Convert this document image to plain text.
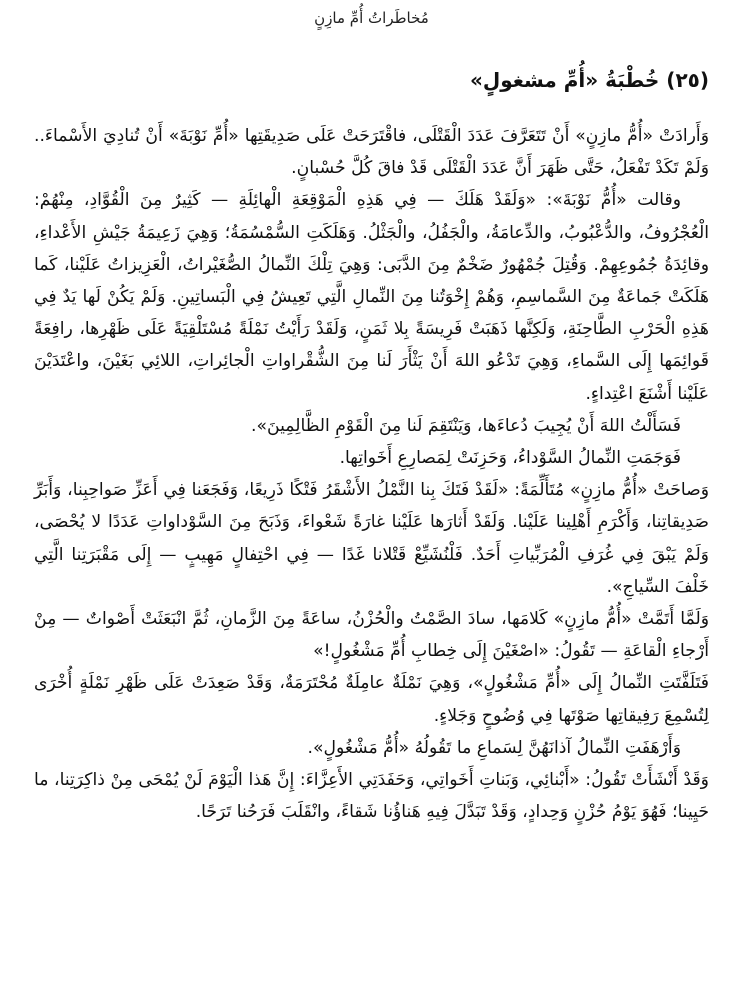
مُخاطَراتُ أُمِّ مازِنٍ
(٢٥) خُطْبَةُ «أُمِّ مشغولٍ»

وَأَرادَتْ «أُمُّ مازِنٍ» أَنْ تَتَعَرَّفَ عَدَدَ الْقَتْلَى، فاقْتَرَحَتْ عَلَى صَدِيقَتِها «أُمِّ نَوْبَةَ» أَنْ تُنادِيَ الأَسْماءَ.. وَلَمْ تَكَدْ تَفْعَلُ، حَتَّى ظَهَرَ أَنَّ عَدَدَ الْقَتْلَى قَدْ فاقَ كُلَّ حُسْبانٍ.

وقالت «أُمُّ نَوْبَةَ»: «وَلَقَدْ هَلَكَ — فِي هَذِهِ الْمَوْقِعَةِ الْهائِلَةِ — كَثِيرٌ مِنَ الْقُوَّادِ، مِنْهُمْ: الْعُجْرُوفُ، والدُّعْبُوبُ، والدِّعامَةُ، والْجَفُلُ، والْجَثْلُ. وَهَلَكَتِ السُّمْسُمَةُ؛ وَهِيَ زَعِيمَةُ جَيْشِ الأَعْداءِ، وقائِدَةُ جُمُوعِهِمْ. وَقُتِلَ جُمْهُورٌ ضَخْمٌ مِنَ الدَّبَى: وَهِيَ تِلْكَ النِّمالُ الصُّغَيْراتُ، الْعَزِيزاتُ عَلَيْنا، كَما هَلَكَتْ جَماعَةٌ مِنَ السَّماسِمِ، وَهُمْ إِخْوَتُنا مِنَ النِّمالِ الَّتِي تَعِيشُ فِي الْبَساتِينِ. وَلَمْ يَكُنْ لَها يَدٌ فِي هَذِهِ الْحَرْبِ الطَّاحِنَةِ، وَلَكِنَّها ذَهَبَتْ فَرِيسَةً بِلا ثَمَنٍ، وَلَقَدْ رَأَيْتُ نَمْلَةً مُسْتَلْقِيَةً عَلَى ظَهْرِها، رافِعَةً قَوائِمَها إِلَى السَّماءِ، وَهِيَ تَدْعُو اللهَ أَنْ يَثْأَرَ لَنا مِنَ الشُّقْراواتِ الْجائِراتِ، اللائِي بَغَيْنَ، واعْتَدَيْنَ عَلَيْنا أَشْنَعَ اعْتِداءٍ.

فَسَأَلْتُ اللهَ أَنْ يُجِيبَ دُعاءَها، وَيَنْتَقِمَ لَنا مِنَ الْقَوْمِ الظَّالِمِينَ».

فَوَجَمَتِ النِّمالُ السَّوْداءُ، وَحَزِنَتْ لِمَصارِعِ أَخَواتِها.

وَصاحَتْ «أُمُّ مازِنٍ» مُتَأَلِّمَةً: «لَقَدْ فَتَكَ بِنا النَّمْلُ الأَشْقَرُ فَتْكًا ذَرِيعًا، وَفَجَعَنا فِي أَعَزِّ صَواحِبِنا، وَأَبَرِّ صَدِيقاتِنا، وَأَكْرَمِ أَهْلِينا عَلَيْنا. وَلَقَدْ أَثارَها عَلَيْنا غارَةً شَعْواءَ، وَذَبَحَ مِنَ السَّوْداواتِ عَدَدًا لا يُحْصَى، وَلَمْ يَبْقَ فِي غُرَفِ الْمُرَبِّياتِ أَحَدٌ. فَلْنُشَيِّعْ قَتْلانا غَدًا — فِي احْتِفالٍ مَهِيبٍ — إِلَى مَقْبَرَتِنا الَّتِي خَلْفَ السِّياجِ».

وَلَمَّا أَتَمَّتْ «أُمُّ مازِنٍ» كَلامَها، سادَ الصَّمْتُ والْحُزْنُ، ساعَةً مِنَ الزَّمانِ، ثُمَّ انْبَعَثَتْ أَصْواتٌ — مِنْ أَرْجاءِ الْقاعَةِ — تَقُولُ: «اصْغَيْنَ إِلَى خِطابِ أُمِّ مَشْغُولٍ!»

فَتَلَفَّتَتِ النِّمالُ إِلَى «أُمِّ مَشْغُولٍ»، وَهِيَ نَمْلَةٌ عامِلَةٌ مُحْتَرَمَةٌ، وَقَدْ صَعِدَتْ عَلَى ظَهْرِ نَمْلَةٍ أُخْرَى لِتُسْمِعَ رَفِيقاتِها صَوْتَها فِي وُضُوحٍ وَجَلاءٍ.

وَأَرْهَفَتِ النِّمالُ آذانَهُنَّ لِسَماعِ ما تَقُولُهُ «أُمُّ مَشْغُولٍ».

وَقَدْ أَنْشَأَتْ تَقُولُ: «أَبْنائِي، وَبَناتِ أَخَواتِي، وَحَفَدَتِي الأَعِزَّاءَ: إِنَّ هَذا الْيَوْمَ لَنْ يُمْحَى مِنْ ذاكِرَتِنا، ما حَيِينا؛ فَهُوَ يَوْمُ حُزْنٍ وَحِدادٍ، وَقَدْ تَبَدَّلَ فِيهِ هَناؤُنا شَقاءً، وانْقَلَبَ فَرَحُنا تَرَحًا.
